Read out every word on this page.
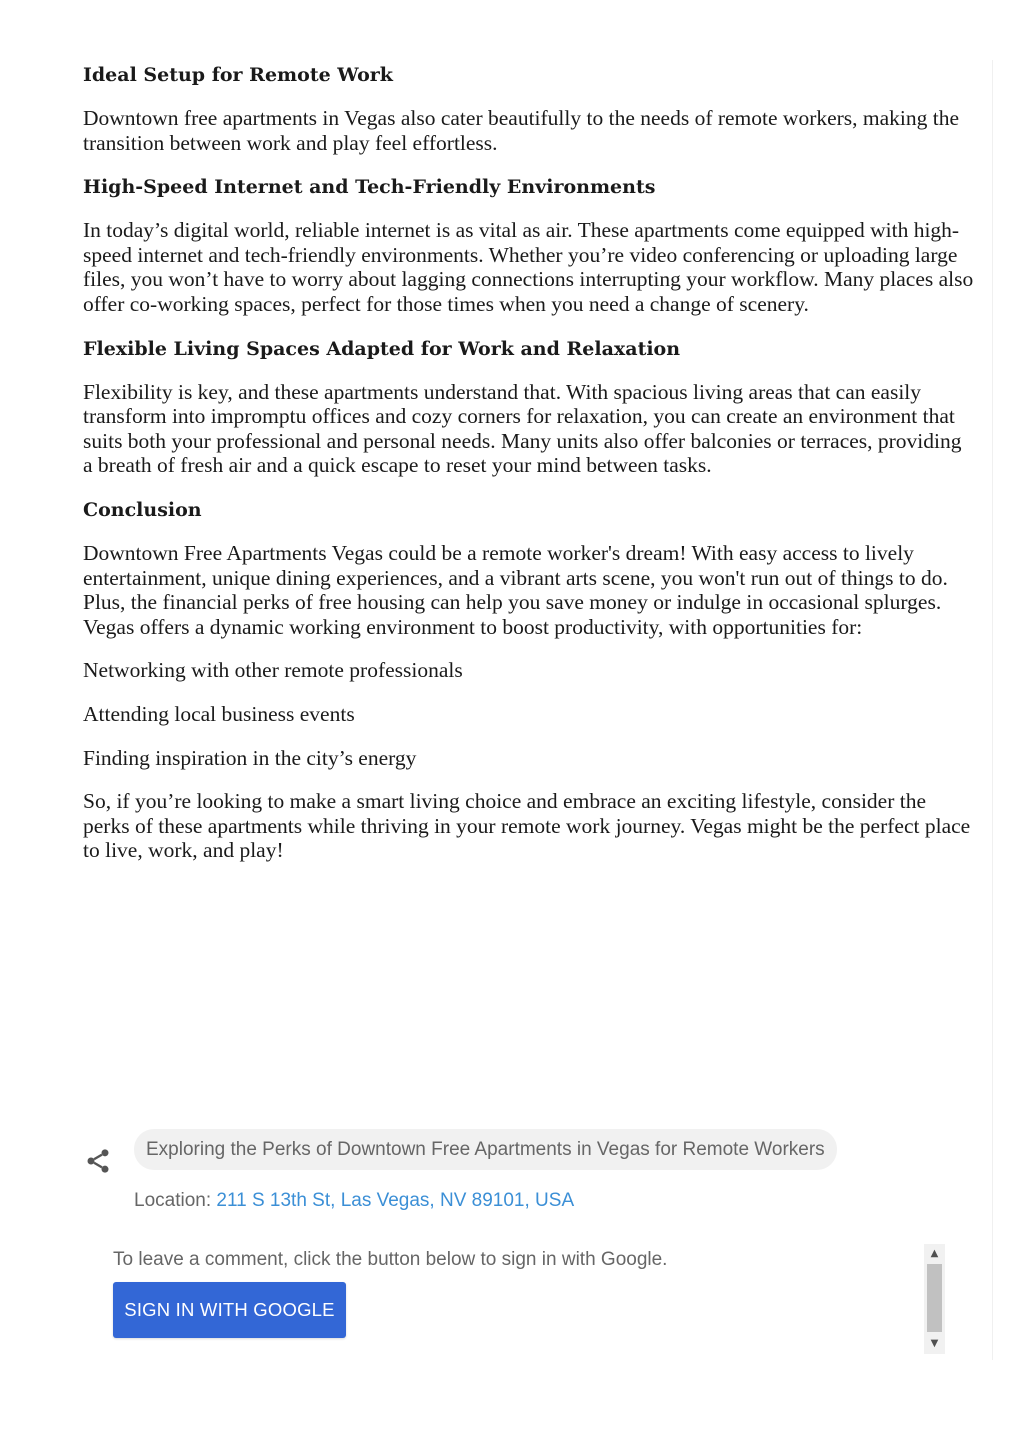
Ideal Setup for Remote Work

Downtown free apartments in Vegas also cater beautifully to the needs of remote workers, making the transition between work and play feel effortless.

High-Speed Internet and Tech-Friendly Environments

In today’s digital world, reliable internet is as vital as air. These apartments come equipped with high-speed internet and tech-friendly environments. Whether you’re video conferencing or uploading large files, you won’t have to worry about lagging connections interrupting your workflow. Many places also offer co-working spaces, perfect for those times when you need a change of scenery.

Flexible Living Spaces Adapted for Work and Relaxation

Flexibility is key, and these apartments understand that. With spacious living areas that can easily transform into impromptu offices and cozy corners for relaxation, you can create an environment that suits both your professional and personal needs. Many units also offer balconies or terraces, providing a breath of fresh air and a quick escape to reset your mind between tasks.

Conclusion

Downtown Free Apartments Vegas could be a remote worker's dream! With easy access to lively entertainment, unique dining experiences, and a vibrant arts scene, you won't run out of things to do. Plus, the financial perks of free housing can help you save money or indulge in occasional splurges. Vegas offers a dynamic working environment to boost productivity, with opportunities for:

Networking with other remote professionals

Attending local business events

Finding inspiration in the city’s energy

So, if you’re looking to make a smart living choice and embrace an exciting lifestyle, consider the perks of these apartments while thriving in your remote work journey. Vegas might be the perfect place to live, work, and play!

Exploring the Perks of Downtown Free Apartments in Vegas for Remote Workers
Location: 211 S 13th St, Las Vegas, NV 89101, USA
To leave a comment, click the button below to sign in with Google.
SIGN IN WITH GOOGLE
▲
▼
